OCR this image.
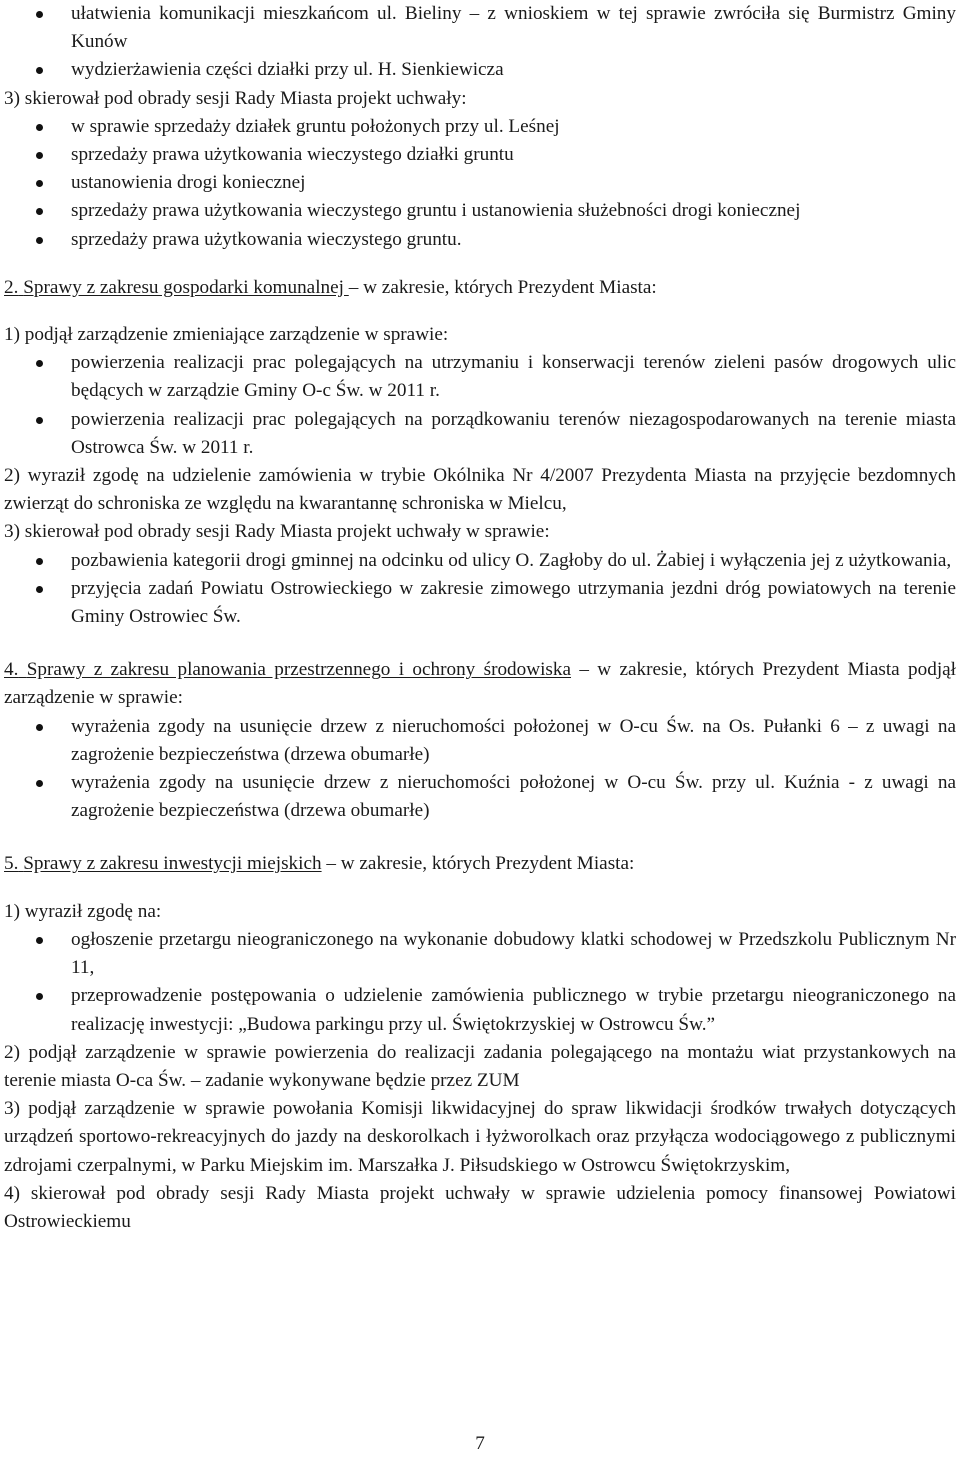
ułatwienia komunikacji mieszkańcom ul. Bieliny – z wnioskiem w tej sprawie zwróciła się Burmistrz Gminy Kunów
wydzierżawienia części działki przy ul. H. Sienkiewicza

3) skierował pod obrady sesji Rady Miasta projekt uchwały:

w sprawie sprzedaży działek gruntu położonych przy ul. Leśnej
sprzedaży prawa użytkowania wieczystego działki gruntu
ustanowienia drogi koniecznej
sprzedaży prawa użytkowania wieczystego gruntu i ustanowienia służebności drogi koniecznej
sprzedaży prawa użytkowania wieczystego gruntu.

2. Sprawy z zakresu gospodarki komunalnej – w zakresie, których Prezydent Miasta:

1) podjął zarządzenie zmieniające zarządzenie w sprawie:

powierzenia realizacji prac polegających na utrzymaniu i konserwacji terenów zieleni pasów drogowych ulic będących w zarządzie Gminy O-c Św. w 2011 r.
powierzenia realizacji prac polegających na porządkowaniu terenów niezagospodarowanych na terenie miasta Ostrowca Św. w 2011 r.

2) wyraził zgodę na udzielenie zamówienia w trybie Okólnika Nr 4/2007 Prezydenta Miasta na przyjęcie bezdomnych zwierząt do schroniska ze względu na kwarantannę schroniska w Mielcu,

3) skierował pod obrady sesji Rady Miasta projekt uchwały w sprawie:

pozbawienia kategorii drogi gminnej na odcinku od ulicy O. Zagłoby do ul. Żabiej i wyłączenia jej z użytkowania,
przyjęcia zadań Powiatu Ostrowieckiego w zakresie zimowego utrzymania jezdni dróg powiatowych na terenie Gminy Ostrowiec Św.

4. Sprawy z zakresu planowania przestrzennego i ochrony środowiska – w zakresie, których Prezydent Miasta podjął zarządzenie w sprawie:

wyrażenia zgody na usunięcie drzew z nieruchomości położonej w O-cu Św. na Os. Pułanki 6 – z uwagi na zagrożenie bezpieczeństwa (drzewa obumarłe)
wyrażenia zgody na usunięcie drzew z nieruchomości położonej w O-cu Św. przy ul. Kuźnia - z uwagi na zagrożenie bezpieczeństwa (drzewa obumarłe)

5. Sprawy z zakresu inwestycji miejskich – w zakresie, których Prezydent Miasta:

1) wyraził zgodę na:

ogłoszenie przetargu nieograniczonego na wykonanie dobudowy klatki schodowej w Przedszkolu Publicznym Nr 11,
przeprowadzenie postępowania o udzielenie zamówienia publicznego w trybie przetargu nieograniczonego na realizację inwestycji: „Budowa parkingu przy ul. Świętokrzyskiej w Ostrowcu Św.”

2) podjął zarządzenie w sprawie powierzenia do realizacji zadania polegającego na montażu wiat przystankowych na terenie miasta O-ca Św. – zadanie wykonywane będzie przez ZUM

3) podjął zarządzenie w sprawie powołania Komisji likwidacyjnej do spraw likwidacji środków trwałych dotyczących urządzeń sportowo-rekreacyjnych do jazdy na deskorolkach i łyżworolkach oraz przyłącza wodociągowego z publicznymi zdrojami czerpalnymi, w Parku Miejskim im. Marszałka J. Piłsudskiego w Ostrowcu Świętokrzyskim,

4) skierował pod obrady sesji Rady Miasta projekt uchwały w sprawie udzielenia pomocy finansowej Powiatowi Ostrowieckiemu

7
